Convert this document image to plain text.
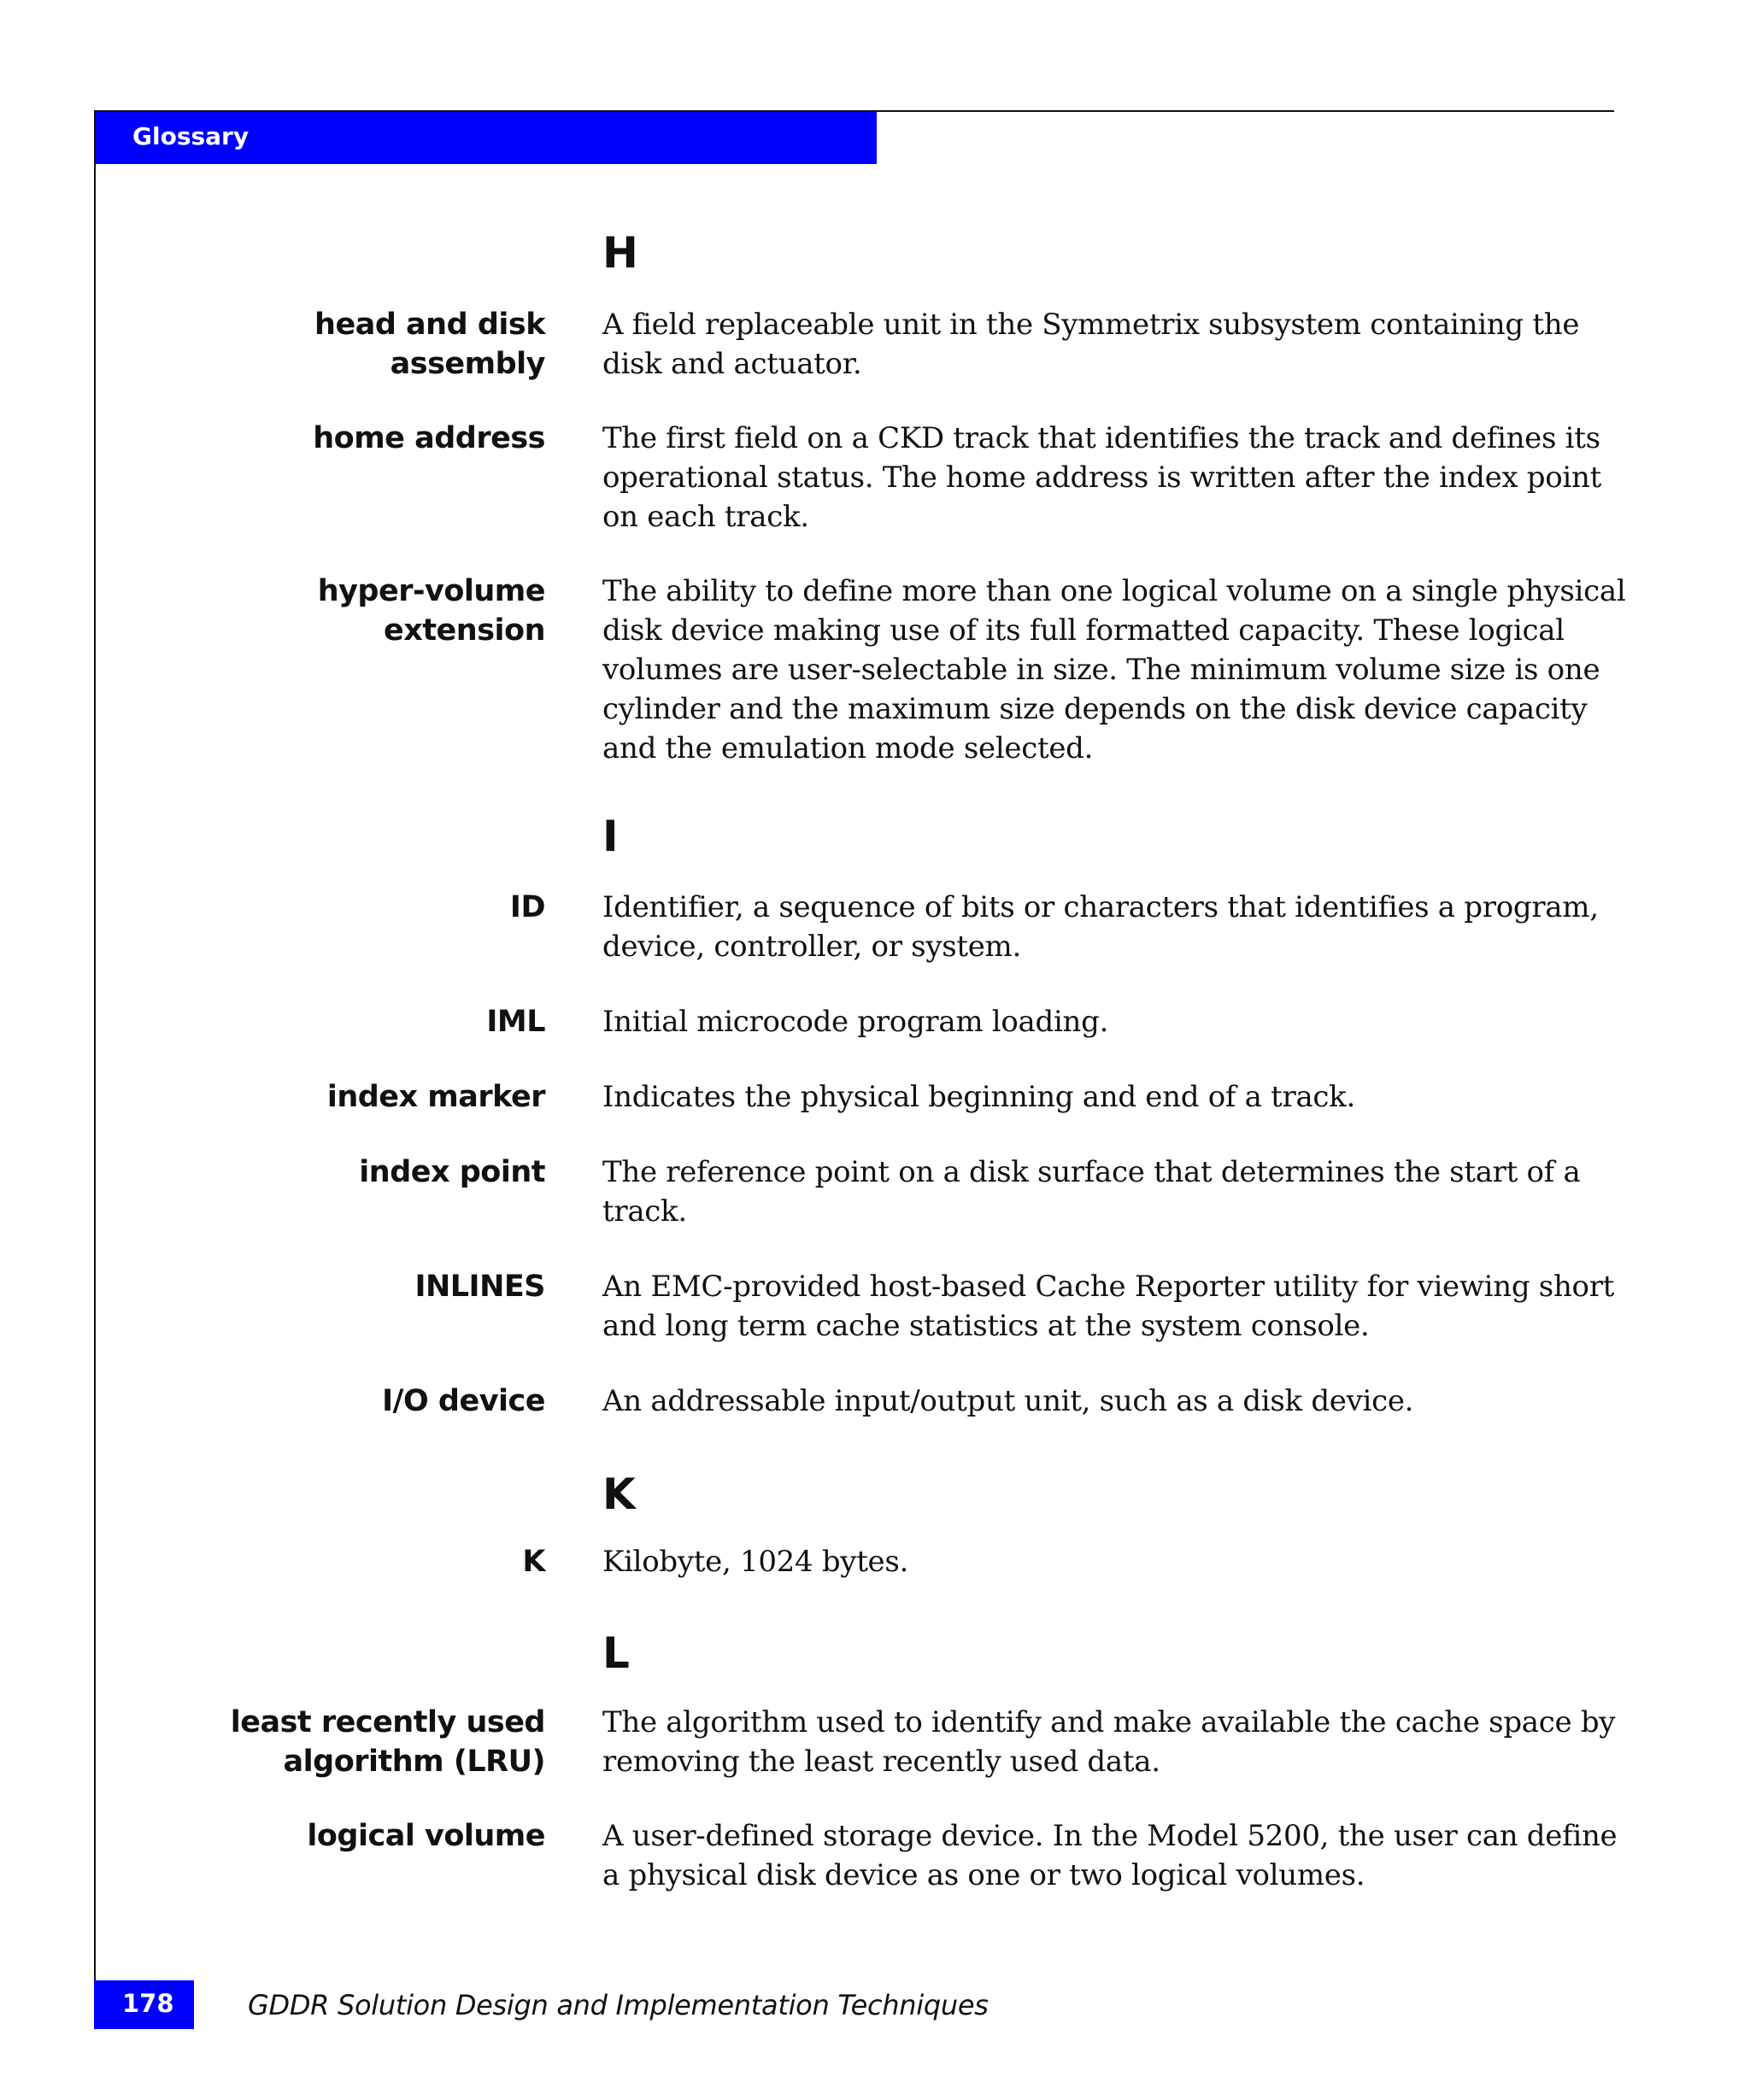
Glossary
H
head and disk
assembly
A field replaceable unit in the Symmetrix subsystem containing the disk and actuator.
home address The first field on a CKD track that identifies the track and defines its operational status. The home address is written after the index point on each track.
hyper-volume
extension
The ability to define more than one logical volume on a single physical disk device making use of its full formatted capacity. These logical volumes are user-selectable in size. The minimum volume size is one cylinder and the maximum size depends on the disk device capacity and the emulation mode selected.
I
ID Identifier, a sequence of bits or characters that identifies a program, device, controller, or system.
IML Initial microcode program loading.
index marker Indicates the physical beginning and end of a track.
index point The reference point on a disk surface that determines the start of a track.
INLINES An EMC-provided host-based Cache Reporter utility for viewing short and long term cache statistics at the system console.
I/O device An addressable input/output unit, such as a disk device.
K
K Kilobyte, 1024 bytes.
L
least recently used
algorithm (LRU)
The algorithm used to identify and make available the cache space by removing the least recently used data.
logical volume A user-defined storage device. In the Model 5200, the user can define a physical disk device as one or two logical volumes.
178	GDDR Solution Design and Implementation Techniques
